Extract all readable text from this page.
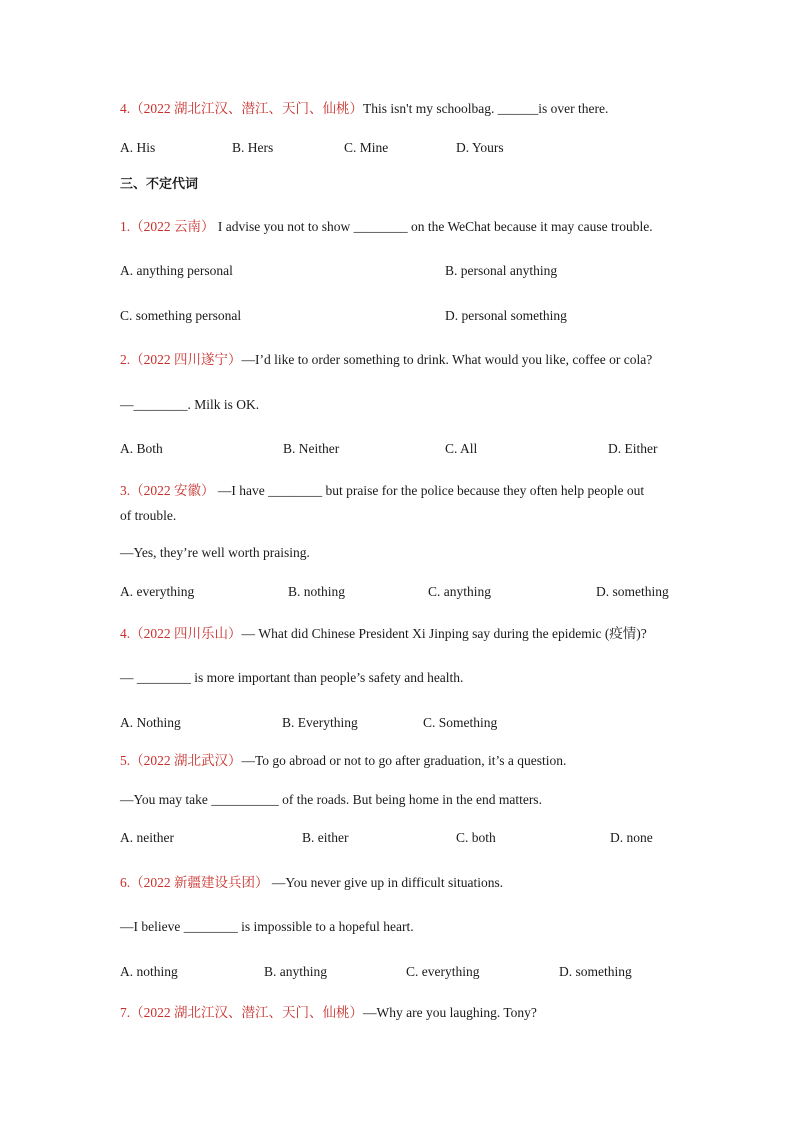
4.（2022 湖北江汉、潜江、天门、仙桃）This isn't my schoolbag. ______is over there.
A. His	B. Hers	C. Mine	D. Yours
三、不定代词
1.（2022 云南） I advise you not to show ________ on the WeChat because it may cause trouble.
A. anything personal	B. personal anything
C. something personal	D. personal something
2.（2022 四川遂宁）—I’d like to order something to drink. What would you like, coffee or cola?
—________. Milk is OK.
A. Both	B. Neither	C. All	D. Either
3.（2022 安徽） —I have ________ but praise for the police because they often help people out
of trouble.
—Yes, they’re well worth praising.
A. everything	B. nothing	C. anything	D. something
4.（2022 四川乐山）— What did Chinese President Xi Jinping say during the epidemic (疫情)?
— ________ is more important than people’s safety and health.
A. Nothing	B. Everything	C. Something
5.（2022 湖北武汉）—To go abroad or not to go after graduation, it’s a question.
—You may take __________ of the roads. But being home in the end matters.
A. neither	B. either	C. both	D. none
6.（2022 新疆建设兵团） —You never give up in difficult situations.
—I believe ________ is impossible to a hopeful heart.
A. nothing	B. anything	C. everything	D. something
7.（2022 湖北江汉、潜江、天门、仙桃）—Why are you laughing. Tony?
